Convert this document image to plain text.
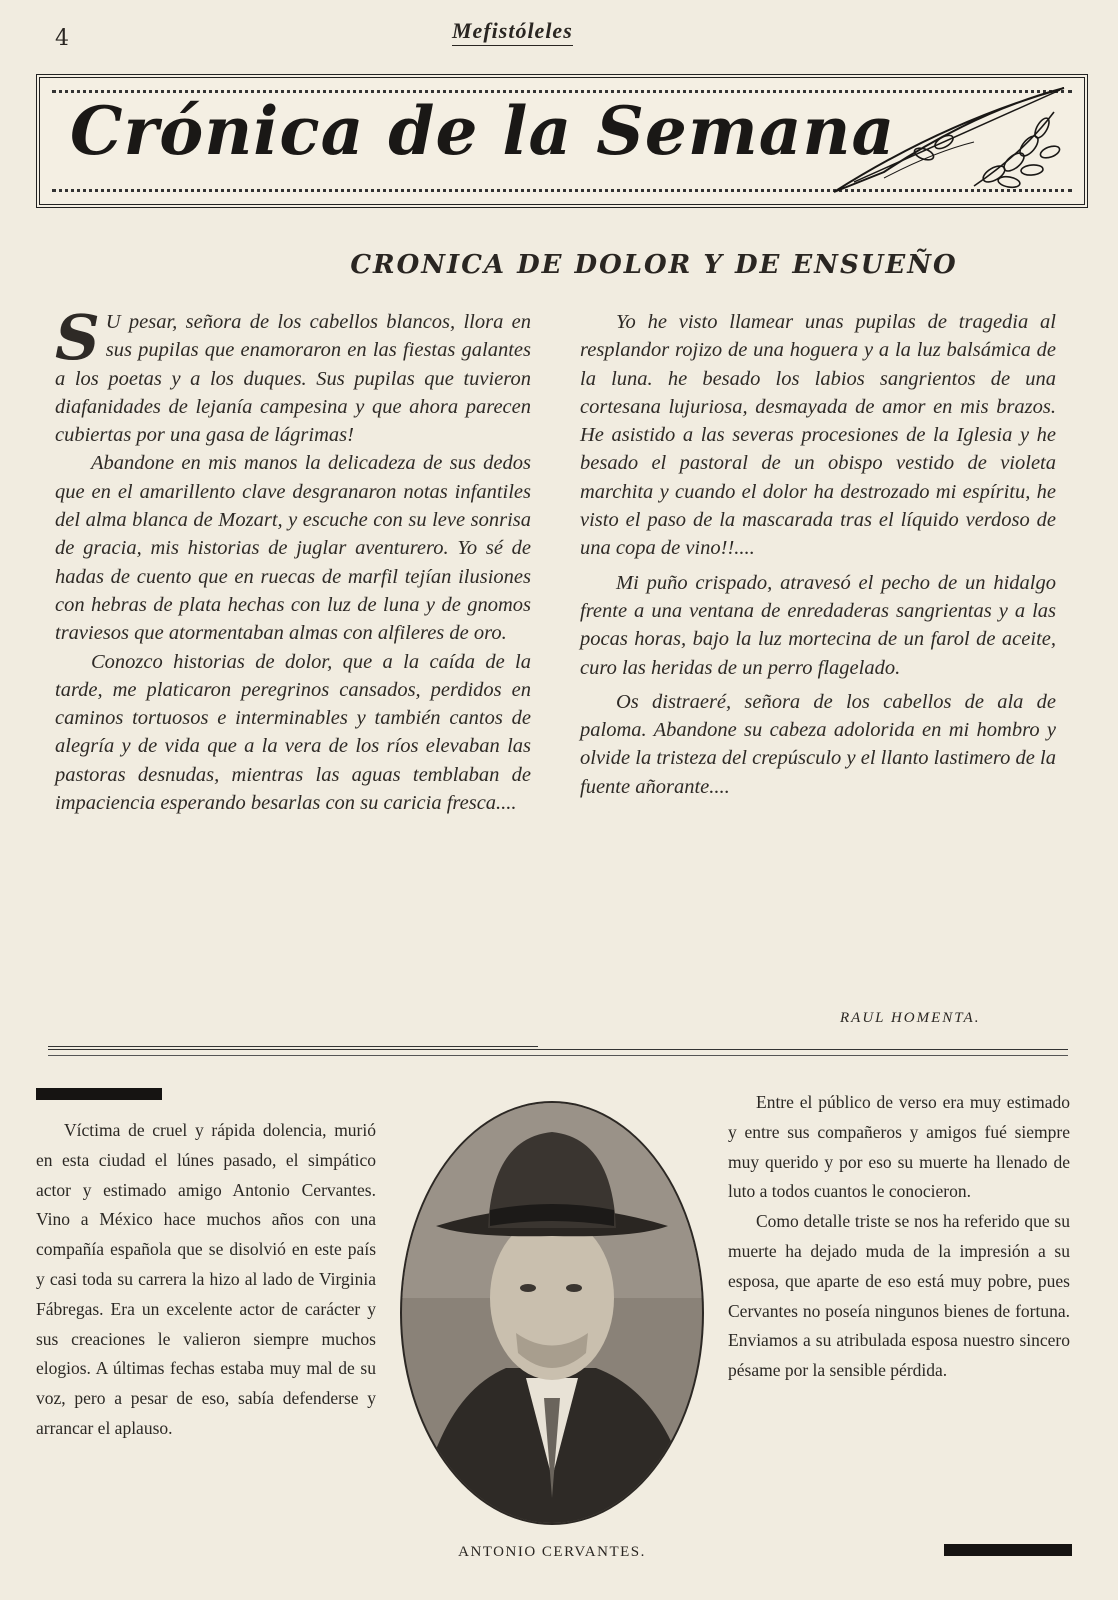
4	Mefistóleles
Crónica de la Semana
CRONICA DE DOLOR Y DE ENSUEÑO

S U pesar, señora de los cabellos blancos, llora en sus pupilas que enamoraron en las fiestas galantes a los poetas y a los duques. Sus pupilas que tuvieron diafanidades de lejanía campesina y que ahora parecen cubiertas por una gasa de lágrimas!

Abandone en mis manos la delicadeza de sus dedos que en el amarillento clave desgranaron notas infantiles del alma blanca de Mozart, y escuche con su leve sonrisa de gracia, mis historias de juglar aventurero. Yo sé de hadas de cuento que en ruecas de marfil tejían ilusiones con hebras de plata hechas con luz de luna y de gnomos traviesos que atormentaban almas con alfileres de oro.

Conozco historias de dolor, que a la caída de la tarde, me platicaron peregrinos cansados, perdidos en caminos tortuosos e interminables y también cantos de alegría y de vida que a la vera de los ríos elevaban las pastoras desnudas, mientras las aguas temblaban de impaciencia esperando besarlas con su caricia fresca....

Yo he visto llamear unas pupilas de tragedia al resplandor rojizo de una hoguera y a la luz balsámica de la luna. he besado los labios sangrientos de una cortesana lujuriosa, desmayada de amor en mis brazos. He asistido a las severas procesiones de la Iglesia y he besado el pastoral de un obispo vestido de violeta marchita y cuando el dolor ha destrozado mi espíritu, he visto el paso de la mascarada tras el líquido verdoso de una copa de vino!!....

Mi puño crispado, atravesó el pecho de un hidalgo frente a una ventana de enredaderas sangrientas y a las pocas horas, bajo la luz mortecina de un farol de aceite, curo las heridas de un perro flagelado.

Os distraeré, señora de los cabellos de ala de paloma. Abandone su cabeza adolorida en mi hombro y olvide la tristeza del crepúsculo y el llanto lastimero de la fuente añorante....

RAUL HOMENTA.

Víctima de cruel y rápida dolencia, murió en esta ciudad el lúnes pasado, el simpático actor y estimado amigo Antonio Cervantes. Vino a México hace muchos años con una compañía española que se disolvió en este país y casi toda su carrera la hizo al lado de Virginia Fábregas. Era un excelente actor de carácter y sus creaciones le valieron siempre muchos elogios. A últimas fechas estaba muy mal de su voz, pero a pesar de eso, sabía defenderse y arrancar el aplauso.

ANTONIO CERVANTES.

Entre el público de verso era muy estimado y entre sus compañeros y amigos fué siempre muy querido y por eso su muerte ha llenado de luto a todos cuantos le conocieron.

Como detalle triste se nos ha referido que su muerte ha dejado muda de la impresión a su esposa, que aparte de eso está muy pobre, pues Cervantes no poseía ningunos bienes de fortuna. Enviamos a su atribulada esposa nuestro sincero pésame por la sensible pérdida.
